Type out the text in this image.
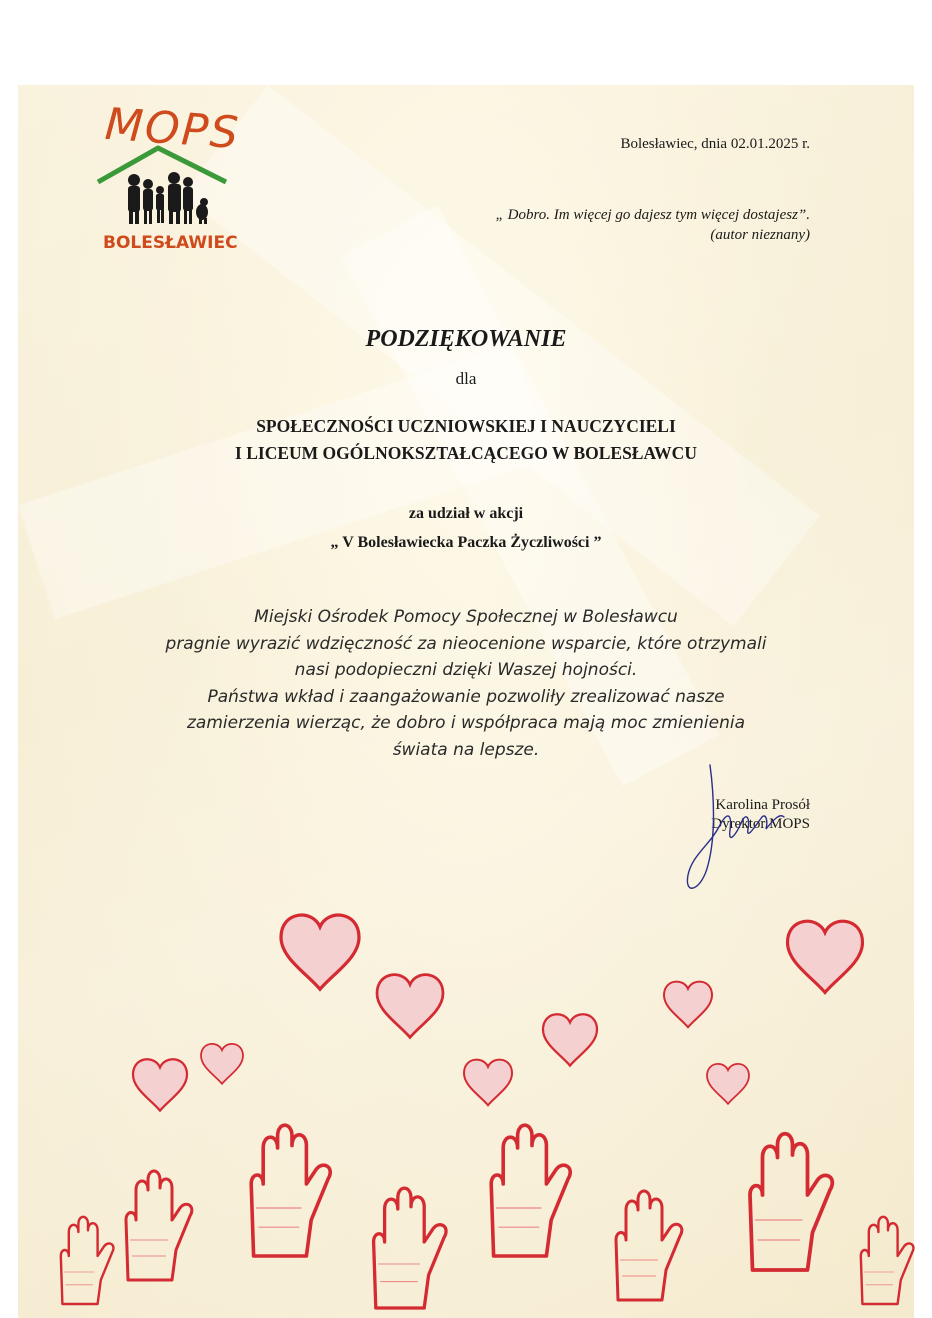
MOPS
BOLESŁAWIEC
Bolesławiec, dnia 02.01.2025 r.
„ Dobro. Im więcej go dajesz tym więcej dostajesz”.
(autor nieznany)
PODZIĘKOWANIE
dla
SPOŁECZNOŚCI UCZNIOWSKIEJ I NAUCZYCIELI
I LICEUM OGÓLNOKSZTAŁCĄCEGO W BOLESŁAWCU
za udział w akcji
„ V Bolesławiecka Paczka Życzliwości ”
Miejski Ośrodek Pomocy Społecznej w Bolesławcu
pragnie wyrazić wdzięczność za nieocenione wsparcie, które otrzymali
nasi podopieczni dzięki Waszej hojności.
Państwa wkład i zaangażowanie pozwoliły zrealizować nasze
zamierzenia wierząc, że dobro i współpraca mają moc zmienienia
świata na lepsze.
Karolina Prosół
Dyrektor MOPS
